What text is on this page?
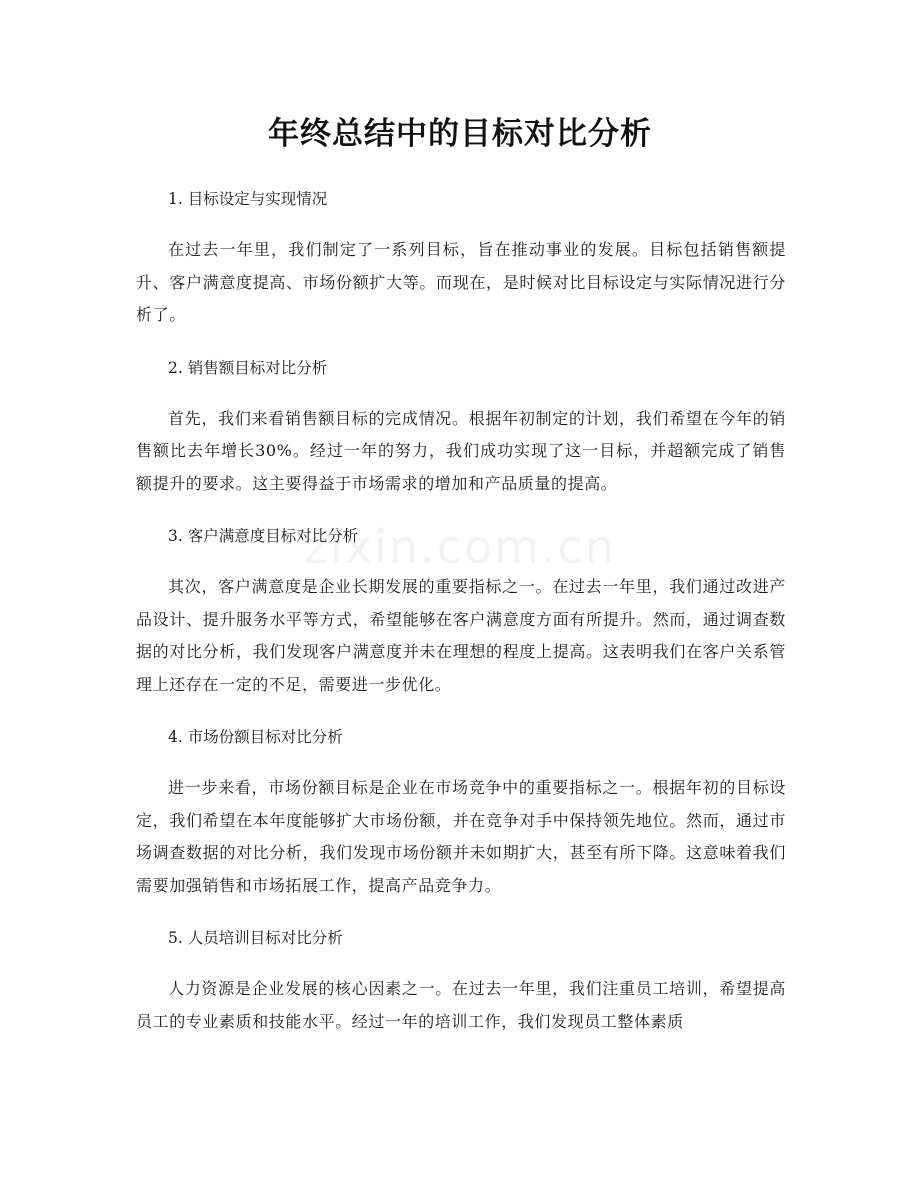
zixin.com.cn
年终总结中的目标对比分析

1. 目标设定与实现情况

在过去一年里，我们制定了一系列目标，旨在推动事业的发展。目标包括销售额提升、客户满意度提高、市场份额扩大等。而现在，是时候对比目标设定与实际情况进行分析了。

2. 销售额目标对比分析

首先，我们来看销售额目标的完成情况。根据年初制定的计划，我们希望在今年的销售额比去年增长30%。经过一年的努力，我们成功实现了这一目标，并超额完成了销售额提升的要求。这主要得益于市场需求的增加和产品质量的提高。

3. 客户满意度目标对比分析

其次，客户满意度是企业长期发展的重要指标之一。在过去一年里，我们通过改进产品设计、提升服务水平等方式，希望能够在客户满意度方面有所提升。然而，通过调查数据的对比分析，我们发现客户满意度并未在理想的程度上提高。这表明我们在客户关系管理上还存在一定的不足，需要进一步优化。

4. 市场份额目标对比分析

进一步来看，市场份额目标是企业在市场竞争中的重要指标之一。根据年初的目标设定，我们希望在本年度能够扩大市场份额，并在竞争对手中保持领先地位。然而，通过市场调查数据的对比分析，我们发现市场份额并未如期扩大，甚至有所下降。这意味着我们需要加强销售和市场拓展工作，提高产品竞争力。

5. 人员培训目标对比分析

人力资源是企业发展的核心因素之一。在过去一年里，我们注重员工培训，希望提高员工的专业素质和技能水平。经过一年的培训工作，我们发现员工整体素质
